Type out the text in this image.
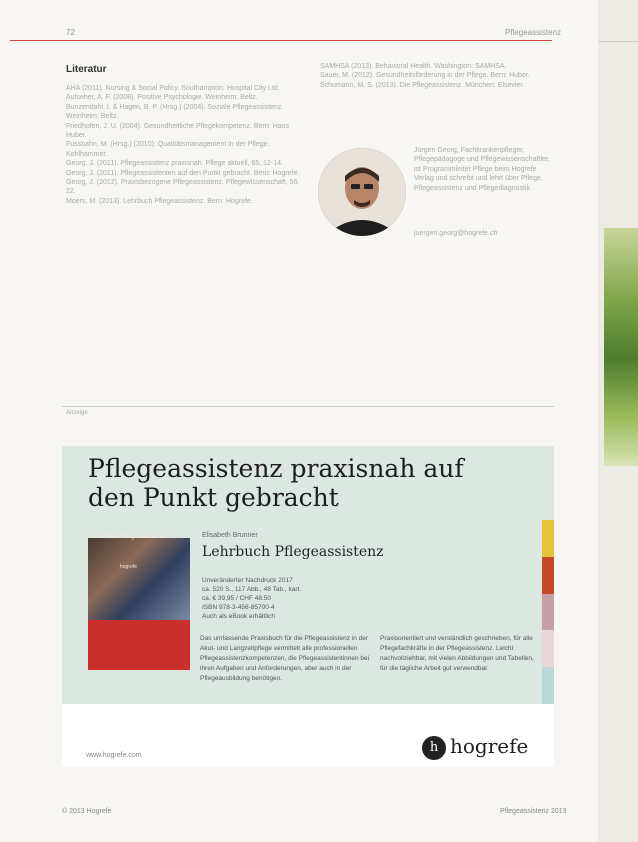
72	Pflegeassistenz
Literatur

AHA (2011). Nursing & Social Policy. Southampton: Hospital City Ltd.

Aufseher, A. F. (2008). Positive Psychologie. Weinheim: Beltz.

Bunzendahl, I. & Hagen, B. P. (Hrsg.) (2004). Soziale Pflegeassistenz. Weinheim: Beltz.

Friedhofen, J. U. (2004). Gesundheitliche Pflegekompetenz. Bern: Hans Huber.

Fussbahn, M. (Hrsg.) (2010). Qualitätsmanagement in der Pflege. Kohlhammer.

Georg, J. (2011). Pflegeassistenz praxisnah. Pflege aktuell, 65, 12-14.

Georg, J. (2011). Pflegeassistenten auf den Punkt gebracht. Bern: Hogrefe.

Georg, J. (2012). Praxisbezogene Pflegeassistenz. Pflegewissenschaft, 56, 22.

Moers, M. (2013). Lehrbuch Pflegeassistenz. Bern: Hogrefe.

SAMHSA (2013). Behavioral Health. Washington: SAMHSA.

Sauer, M. (2012). Gesundheitsförderung in der Pflege. Bern: Huber.

Schumann, M. S. (2013). Die Pflegeassistenz. München: Elsevier.

Jürgen Georg, Fachkrankenpfleger, Pflegepädagoge und Pflegewissenschaftler, ist Programmleiter Pflege beim Hogrefe Verlag und schreibt und lehrt über Pflege, Pflegeassistenz und Pflegediagnostik.
juergen.georg@hogrefe.ch
Anzeige
Pflegeassistenz praxisnah auf den Punkt gebracht
Lehrbuch Pflegeassistenz
hogrefe
Elisabeth Brunner
Lehrbuch Pflegeassistenz
Unveränderter Nachdruck 2017
ca. 520 S., 117 Abb., 48 Tab., kart.
ca. € 39,95 / CHF 48.50
ISBN 978-3-456-85700-4
Auch als eBook erhältlich
Das umfassende Praxisbuch für die Pflegeassistenz in der Akut- und Langzeitpflege vermittelt alle professionellen Pflegeassistenzkompetenzen, die Pflegeassistentinnen bei ihren Aufgaben und Anforderungen, aber auch in der Pflegeausbildung benötigen.
Praxisorientiert und verständlich geschrieben, für alle Pflegefachkräfte in der Pflegeassistenz. Leicht nachvollziehbar, mit vielen Abbildungen und Tabellen, für die tägliche Arbeit gut verwendbar.
www.hogrefe.com
h hogrefe
© 2013 Hogrefe	Pflegeassistenz 2013
